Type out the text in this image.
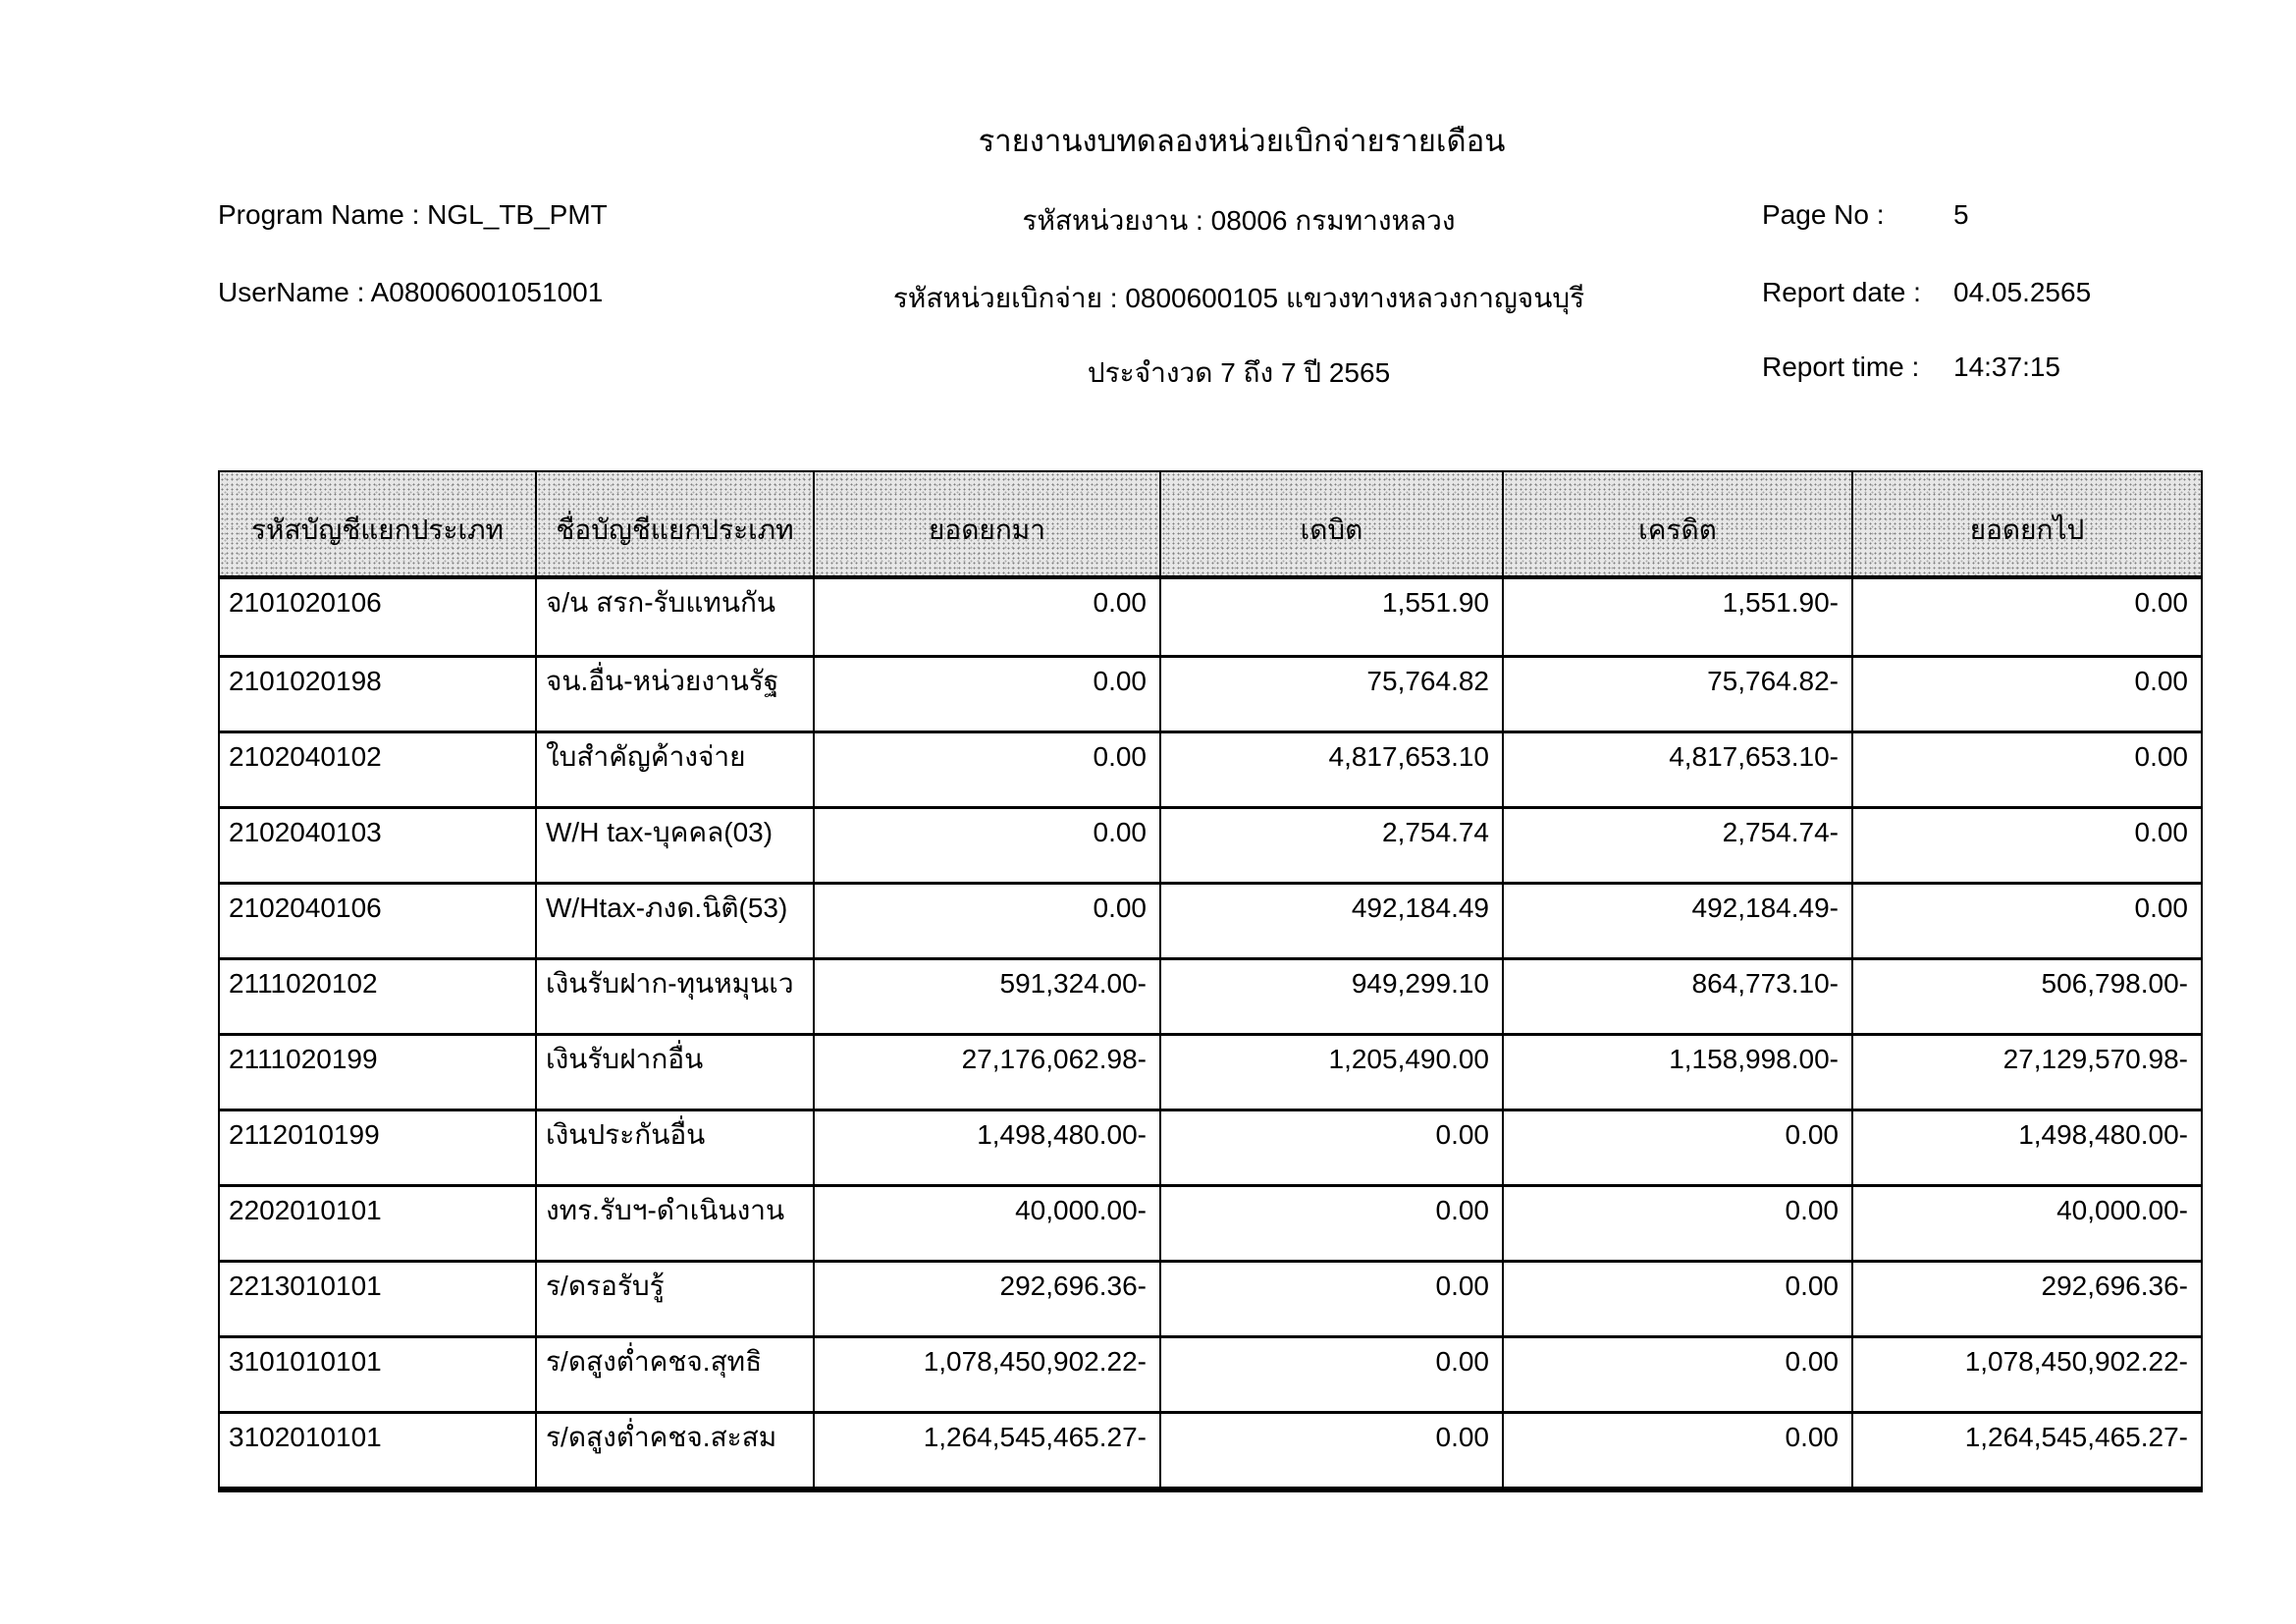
รายงานงบทดลองหน่วยเบิกจ่ายรายเดือน
Program Name : NGL_TB_PMT
UserName : A08006001051001
รหัสหน่วยงาน : 08006 กรมทางหลวง
รหัสหน่วยเบิกจ่าย : 0800600105 แขวงทางหลวงกาญจนบุรี
ประจำงวด 7 ถึง 7 ปี 2565
Page No :	5
Report date : 04.05.2565
Report time : 14:37:15
รหัสบัญชีแยกประเภท	ชื่อบัญชีแยกประเภท	ยอดยกมา	เดบิต	เครดิต	ยอดยกไป
2101020106	จ/น สรก-รับแทนกัน	0.00	1,551.90	1,551.90-	0.00
2101020198	จน.อื่น-หน่วยงานรัฐ	0.00	75,764.82	75,764.82-	0.00
2102040102	ใบสำคัญค้างจ่าย	0.00	4,817,653.10	4,817,653.10-	0.00
2102040103	W/H tax-บุคคล(03)	0.00	2,754.74	2,754.74-	0.00
2102040106	W/Htax-ภงด.นิติ(53)	0.00	492,184.49	492,184.49-	0.00
2111020102	เงินรับฝาก-ทุนหมุนเว	591,324.00-	949,299.10	864,773.10-	506,798.00-
2111020199	เงินรับฝากอื่น	27,176,062.98-	1,205,490.00	1,158,998.00-	27,129,570.98-
2112010199	เงินประกันอื่น	1,498,480.00-	0.00	0.00	1,498,480.00-
2202010101	งทร.รับฯ-ดำเนินงาน	40,000.00-	0.00	0.00	40,000.00-
2213010101	ร/ดรอรับรู้	292,696.36-	0.00	0.00	292,696.36-
3101010101	ร/ดสูงต่ำคชจ.สุทธิ	1,078,450,902.22-	0.00	0.00	1,078,450,902.22-
3102010101	ร/ดสูงต่ำคชจ.สะสม	1,264,545,465.27-	0.00	0.00	1,264,545,465.27-
